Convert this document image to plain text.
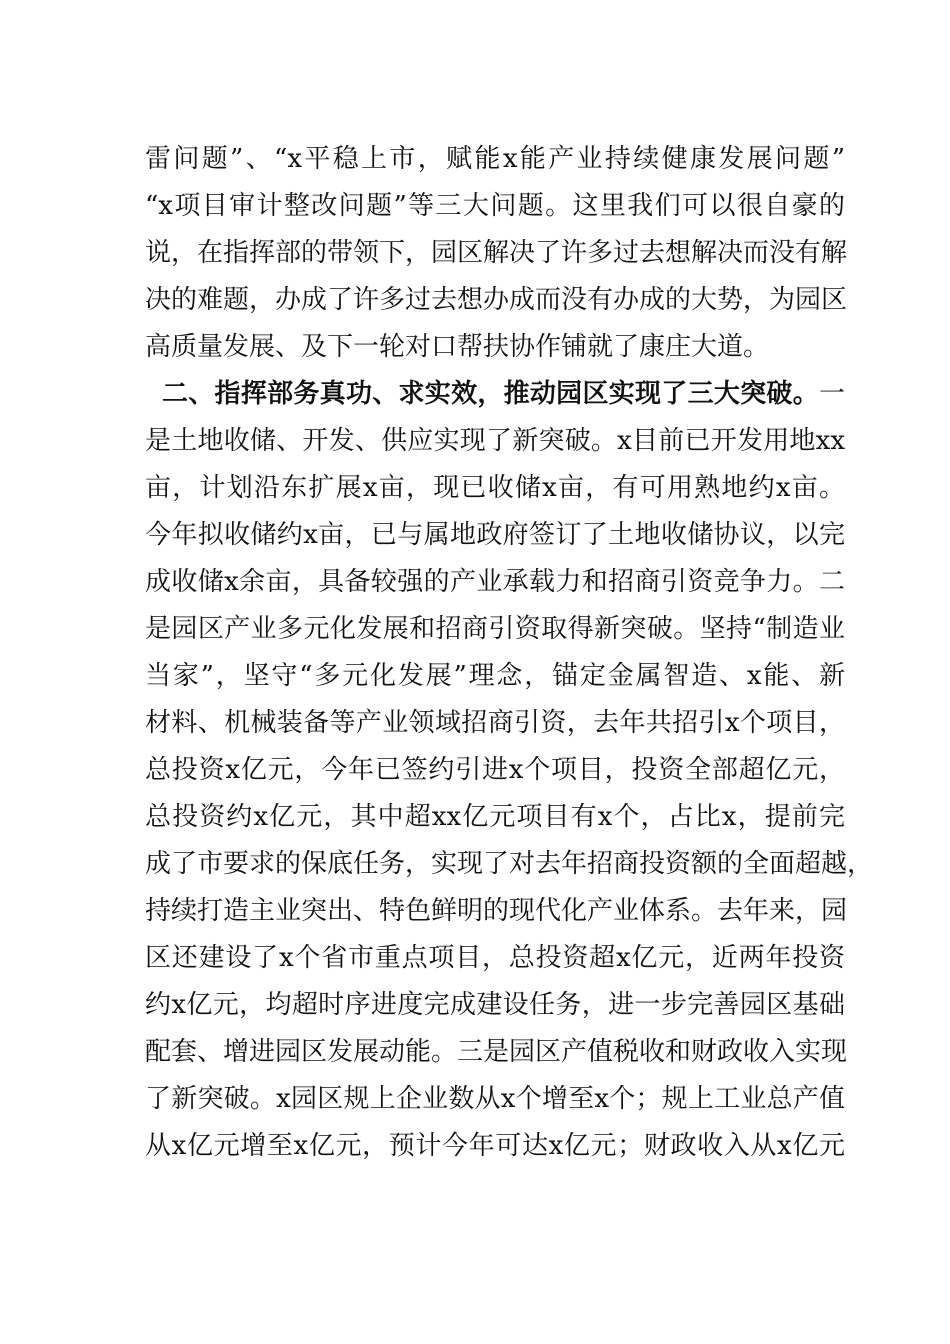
雷问题”、“x平稳上市，赋能x能产业持续健康发展问题”
“x项目审计整改问题”等三大问题。这里我们可以很自豪的
说，在指挥部的带领下，园区解决了许多过去想解决而没有解
决的难题，办成了许多过去想办成而没有办成的大势，为园区
高质量发展、及下一轮对口帮扶协作铺就了康庄大道。
二、指挥部务真功、求实效，推动园区实现了三大突破。一
是土地收储、开发、供应实现了新突破。x目前已开发用地xx
亩，计划沿东扩展x亩，现已收储x亩，有可用熟地约x亩。
今年拟收储约x亩，已与属地政府签订了土地收储协议，以完
成收储x余亩，具备较强的产业承载力和招商引资竞争力。二
是园区产业多元化发展和招商引资取得新突破。坚持“制造业
当家”，坚守“多元化发展”理念，锚定金属智造、x能、新
材料、机械装备等产业领域招商引资，去年共招引x个项目，
总投资x亿元，今年已签约引进x个项目，投资全部超亿元，
总投资约x亿元，其中超xx亿元项目有x个，占比x，提前完
成了市要求的保底任务，实现了对去年招商投资额的全面超越，
持续打造主业突出、特色鲜明的现代化产业体系。去年来，园
区还建设了x个省市重点项目，总投资超x亿元，近两年投资
约x亿元，均超时序进度完成建设任务，进一步完善园区基础
配套、增进园区发展动能。三是园区产值税收和财政收入实现
了新突破。x园区规上企业数从x个增至x个；规上工业总产值
从x亿元增至x亿元，预计今年可达x亿元；财政收入从x亿元
